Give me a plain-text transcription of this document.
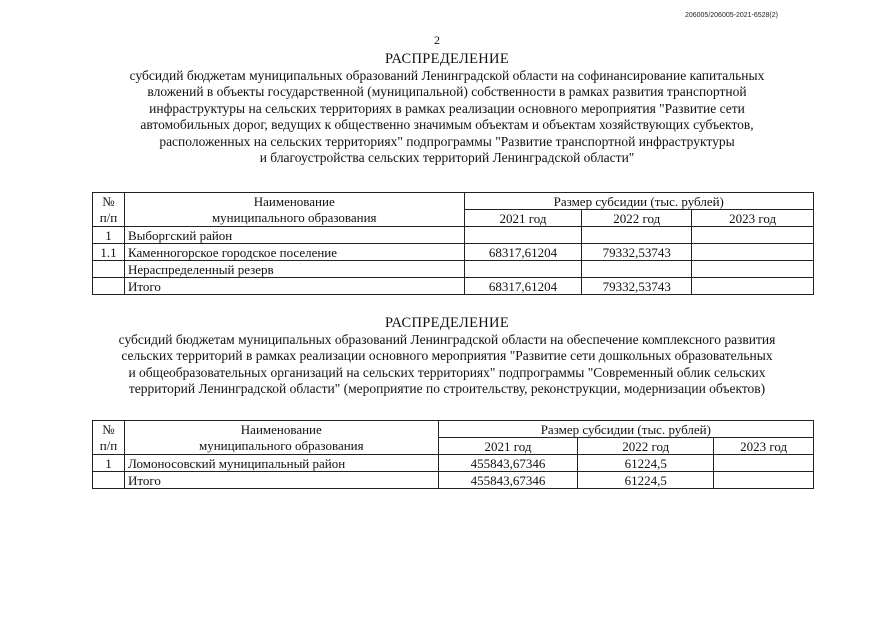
206005/206005-2021-6528(2)
2
РАСПРЕДЕЛЕНИЕ
субсидий бюджетам муниципальных образований Ленинградской области на софинансирование капитальных
вложений в объекты государственной (муниципальной) собственности в рамках развития транспортной
инфраструктуры на сельских территориях в рамках реализации основного мероприятия "Развитие сети
автомобильных дорог, ведущих к общественно значимым объектам и объектам хозяйствующих субъектов,
расположенных на сельских территориях" подпрограммы "Развитие транспортной инфраструктуры
и благоустройства сельских территорий Ленинградской области"
№	Наименование	Размер субсидии (тыс. рублей)		
п/п	муниципального образования	2021 год	2022 год	2023 год
1	Выборгский район			
1.1	Каменногорское городское поселение	68317,61204	79332,53743	
	Нераспределенный резерв			
	Итого	68317,61204	79332,53743	
РАСПРЕДЕЛЕНИЕ
субсидий бюджетам муниципальных образований Ленинградской области на обеспечение комплексного развития
сельских территорий в рамках реализации основного мероприятия "Развитие сети дошкольных образовательных
и общеобразовательных организаций на сельских территориях" подпрограммы "Современный облик сельских
территорий Ленинградской области" (мероприятие по строительству, реконструкции, модернизации объектов)
№	Наименование	Размер субсидии (тыс. рублей)		
п/п	муниципального образования	2021 год	2022 год	2023 год
1	Ломоносовский муниципальный район	455843,67346	61224,5	
	Итого	455843,67346	61224,5	
